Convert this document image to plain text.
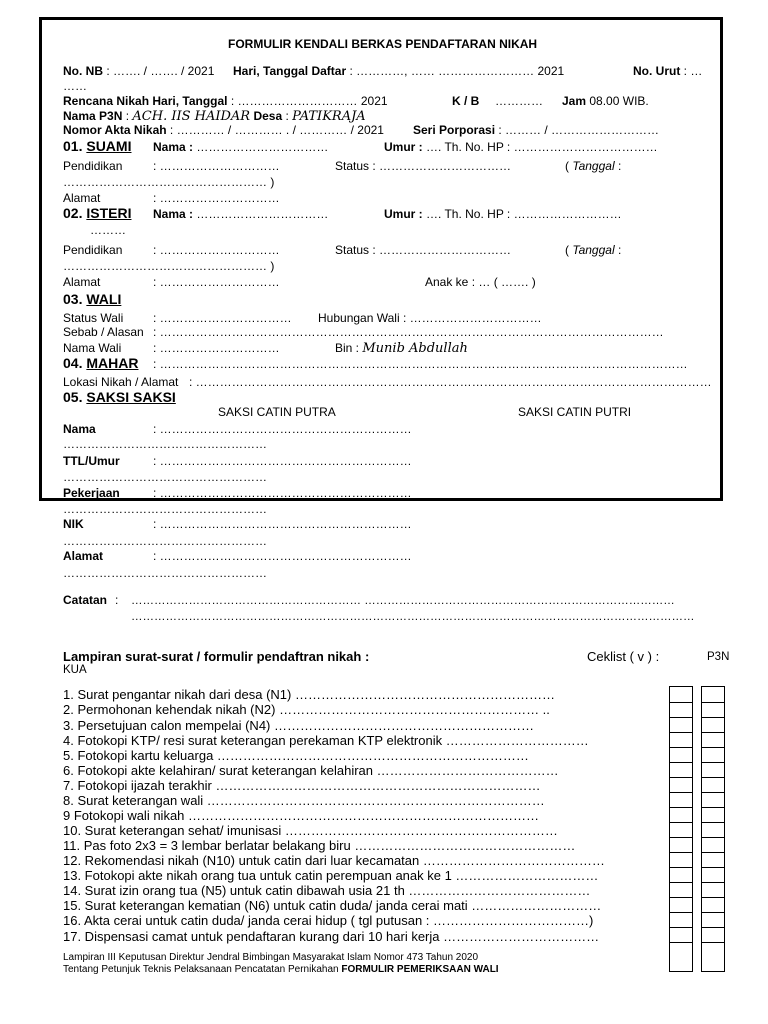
FORMULIR KENDALI BERKAS PENDAFTARAN NIKAH
No. NB : ……. / ……. / 2021 Hari, Tanggal Daftar : …………, …… …………………… 2021	No. Urut : …
……
Rencana Nikah Hari, Tanggal : ………………………… 2021	K / B ………… Jam 08.00 WIB.
Nama P3N : ACH. IIS HAIDAR Desa : PATIKRAJA
Nomor Akta Nikah : ………… / ………… . / ………… / 2021 Seri Porporasi : ……… / ………………………
01. SUAMI Nama : ……………………………	Umur : …. Th. No. HP : ………………………………
Pendidikan	: …………………………	Status : ……………………………	( Tanggal :
…………………………………………… )
Alamat	: …………………………
02. ISTERI Nama : ……………………………	Umur : …. Th. No. HP : ………………………
………
Pendidikan	: …………………………	Status : ……………………………	( Tanggal :
…………………………………………… )
Alamat	: …………………………	Anak ke : … ( ……. )
03. WALI
Status Wali : …………………………… Hubungan Wali : ……………………………
Sebab / Alasan : ………………………………………………………………………………………………………………
Nama Wali	: …………………………	Bin : Munib Abdullah
04. MAHAR : ……………………………………………………………………………………………………………………
Lokasi Nikah / Alamat : …………………………………………………………………………………………………………………
05. SAKSI SAKSI
SAKSI CATIN PUTRA	SAKSI CATIN PUTRI
Nama	: ………………………………………………………
……………………………………………
TTL/Umur	: ………………………………………………………
……………………………………………
Pekerjaan	: ………………………………………………………
……………………………………………
NIK	: ………………………………………………………
……………………………………………
Alamat	: ………………………………………………………
……………………………………………
Catatan : …………………………………………………… ………………………………………………………………………
…………………………………………………………………………………………………………………………………
Lampiran surat-surat / formulir pendaftran nikah :	Ceklist ( v ) :	P3N
KUA
1. Surat pengantar nikah dari desa (N1) ……………………………………………………
2. Permohonan kehendak nikah (N2) …………………………………………………… ..
3. Persetujuan calon mempelai (N4) ……………………………………………………
4. Fotokopi KTP/ resi surat keterangan perekaman KTP elektronik ……………………………
5. Fotokopi kartu keluarga ………………………………………………………………
6. Fotokopi akte kelahiran/ surat keterangan kelahiran ……………………………………
7. Fotokopi ijazah terakhir …………………………………………………………………
8. Surat keterangan wali ……………………………………………………………………
9 Fotokopi wali nikah ………………………………………………………………………
10. Surat keterangan sehat/ imunisasi ………………………………………………………
11. Pas foto 2x3 = 3 lembar berlatar belakang biru ……………………………………………
12. Rekomendasi nikah (N10) untuk catin dari luar kecamatan ……………………………………
13. Fotokopi akte nikah orang tua untuk catin perempuan anak ke 1 ……………………………
14. Surat izin orang tua (N5) untuk catin dibawah usia 21 th ……………………………………
15. Surat keterangan kematian (N6) untuk catin duda/ janda cerai mati …………………………
16. Akta cerai untuk catin duda/ janda cerai hidup ( tgl putusan : ………………………………)
17. Dispensasi camat untuk pendaftaran kurang dari 10 hari kerja ………………………………
Lampiran III Keputusan Direktur Jendral Bimbingan Masyarakat Islam Nomor 473 Tahun 2020
Tentang Petunjuk Teknis Pelaksanaan Pencatatan Pernikahan FORMULIR PEMERIKSAAN WALI
